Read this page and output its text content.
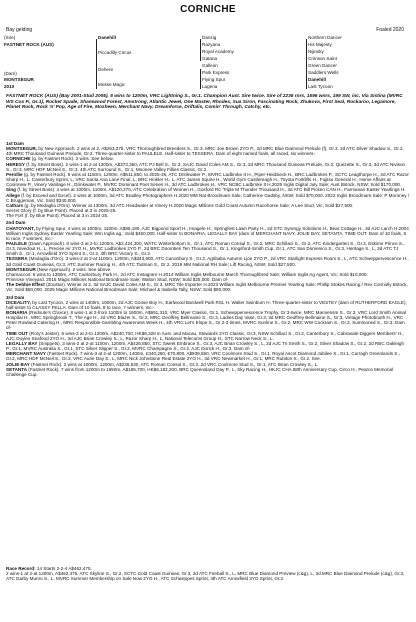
CORNICHE
Bay gelding	Foaled 2020
(Sire)
FASTNET ROCK (AUS)
(Dam)
MONTSEGUR
2010
Danehill
Piccadilly Circus
Dehere
Mosse Magic
Danzig
Razyana
Royal Academy
Gatana
Galleon
Park Express
Flying Spur
Lagena
Northern Dancer
His Majesty
Nijinsky
Crimson Saint
Green Dancer
Saddlers Wells
Danehill
Last Tycoon
FASTNET ROCK (AUS) (Bay 2001-Stud 2005). 6 wins to 1200m, VRC Lightning S., Gr.1. Champion Aust. Sire twice. Sire of 2236 rnrs, 1596 wnrs, 199 SW, inc. Via Sistina (MVRC WS Cox P., Gr.1), Rocket Spade, Shamwood Forest, Amstrong, Atlantic Jewel, One Master, Rhodes, Sua Siron, Fascinating Rock, Zhukova, First Seal, Rockaroo, Legamore, Planet Rock, Rock 'n' Pop, Age of Fire, Mosheen, Merchant Navy, Dreamforce, Driftalis, Comin' Through, Catchy, etc.
1st Dam
MONTSEGUR, by New Approach. 2 wins at 2, A$263,375, VRC Thoroughbred Breeders S., Gr.3, MRC Joe Brown 2YO P., 2d MRC Blue Diamond Prelude (f), Gr.3, 3d ATC Silver Shadow S., Gr.2, 4th MRC Thousand Guineas Prelude, Gr.2. Three-quarter-sister to PAULELE. Half-sister to TESSERA. Dam of eight named foals, all raced, six winners-
CORNICHE (g. by Fastnet Rock). 2 wins. See below.
HERESY (f. by Street Boss). 2 wins-1 at 2-at 1200m, A$373,350, ATC PJ Bell S., Gr.3, SAJC David Coles AM S., Gr.3, 2d MRC Thousand Guineas Prelude, Gr.2, Quezette S., Gr.3, 3d ATC Nivison S., Gr.3, MRC HDF McNeil S., Gr.3, 4th ATC Surround S., Gr.1, Moonee Valley Fillies Classic, Gr.2.
Perollie (g. by Fastnet Rock). 5 wins at 1150m, 1200m, A$611,850, to 2025-26, ATC Drinkwater P., MVRC Ladbroke It H., Piper-Heidsieck H., BRC Ladbrokes P., SCTC Leagthorpe H., 2d ATC Razor Sharp H., L, Canterbury Sprint, L, VRC Santa Ana Lane Final, L, BRC Hinkler H., L, ATC James Squire H., World Gym Castlereagh H., Toyota Forklifts H., Fujitsu General H., Home Affairs at Cooinnew P., Vinery Vanilage H., Drinkwater P., MVRC Dominant Poet Series H., 3d ATC Ladbrokes H., VRC NCBC Ladbroke It H.2025 Inglis Digital July Sale; Aust Bstock, NSW; Sold $170,000.
Sing (f. by Street Boss). 4 wins at 1000m, 1100m, A$120,270, ATC Celebration of Women H., Gosford RC Triple M Thunder Thousand H., 3d ATC Bill Picken CAN H., Farmanan Easter Yearlings H.
Allege (f. by Exceed and Excel). 2 wins at 1000m, 3d ATC Bradley Photographers H.2020 MM Nat Broodmare Sale; Catherine Gadsby, NSW; Sold $70,000. 2022 Inglis Broodmare Sale; P Moroney / C Bruggeman, Vic; Sold $340,000.
Cathars (g. by Medaglia d'Oro). Winner at 1300m, 3d ATC Headwater at Vinery H.2020 Magic Millions Gold Coast Autumn Racehorse Sale; A Lee Stud, Vic; Sold $27,500.
Secret Glory (f. by Blue Point). Placed at 3 in 2025-26.
The Fort (f. by Blue Point). Placed at 3 in 2024-25.
2nd Dam
CHATOYANT, by Flying Spur. 4 wins at 1000m, 1100m, A$86,180, AJC Bigpond Sport H., Imagele H., Springfest Lawn Party H., 2d STC Synergy Solutions H., Bear Cottage H., 3d AJC Larch H.2004 William Inglis Sydney Easter Yearling Sale; Wm Inglis ag.; Sold $450,000. Half-sister to BONARIA, LEGALLY BAY (dam of MERCHANT NAVY, JOLIE BAY, SETANTA, TIME OUT. Dam of 10 foals, 8 to race, 7 winners, inc:-
PAULELE (Dawn Approach). 8 wins-3 at 2-to 1200m, A$2,424,300, WATC Winterbottom S., Gr.1, ATC Roman Consul S., Gr.2, MRC Schillaci S., Gr.2, ATC Kindergarten S., Gr.3, Eskimo Prince S., Gr.3, Nivedout H., L, Precise Air 2YO H., MVRC Ladbrokes 2YO P., 2d BRC Doomben Ten Thousand S., Gr.1, Kingsford-Smith Cup, Gr.1, ATC San Domenico S., Gr.3, Heritage S., L, 3d ATC TJ Smith S., Gr.1, Arrowfield 3YO Sprint S., Gr.2, 4th BRC Victory S., Gr.2.
TESSERA (Medaglia d'Oro). 3 wins-2 at 2-at 1100m, 1200m, A$343,600, ATC Canonbury S., Gr.3, Agribaba Autumn Ljon 2YO P., 2d VRC Starlight Express Room S., L, ATC Schweppervescence H., 3d Gold Coast Guineas, Gr.3, ATC Summer Racing H., 4th ATC Todman S., Gr.2. 2019 MM National RH Sale; Lift Racing, NSW; Sold $27,500.
MONTSEGUR (New Approach). 2 wins. See above.
Chamaccos. 5 wins to 1350m, ATC Canterbury Park H., 2d ATC Instagram H.2014 William Inglis Melbourne March Thoroughbred Sale; William Inglis Ag Agent, Vic; Sold $10,000.
Primrose Vineyard. 2015 Magic Millions National Broodmare Sale; Walton Stud, NSW; Sold $25,000. Dam of-
The Debbie Effect (Zoustar). Winner at 2, 3d SAJC David Coles AM S., Gr.3, MRC Tile Importer H.2023 William Inglis Melbourne Premier Yearling Sale; Phillip Stokes Racing / Rex Connolly Bstock, Vic; Sold $50,000. 2025 Magic Millions National Broodmare Sale; Michael & Isabella Tally, NSW; Sold $80,000.
3rd Dam
DICEALITY, by Last Tycoon. 2 wins at 1400m, 1600m, 2d AJC Goose Boy H., Earlwood Bardwell Park RSL H. Walter Swinburn H. Three-quarter-sister to VESTEY (dam of RUTHERFORD EAGLE), half-sister to CLASSY FELLA. Dam of 10 foals, 8 to race, 7 winners, inc:-
BONARIA (Redoute's Choice). 8 wins-1 at 2-from 1100m to 1600m, A$951,310, VRC Myer Classic, Gr.1, Schweppervescence Trophy, Gr.3-twice, MRC Mannerism S., Gr.3, VRC Lord Smith Animal Hospital H., MRC Springbrook T., The Age H., 2d VRC Blazer S., Gr.2, MRC Geoffrey Bellmaine S., Gr.3, Ladies Day Vase, Gr.3, 3d MRC Geoffrey Bellmaine S., Gr.3, Vintage Photobooth H., VRC Peter Rowland Catering H., MRC Responsible Gambling Awareness Week H., 4th VRC Let's Elope S., Gr.2-3 times, MVRC Sunline S., Gr.2, MRC WW Cockram S., Gr.3, Summoned S., Gr.3. Dam of-
TIME OUT (Rory's Jester). 6 wins-3 at 2-to 1200m, A$240,700, HK$9,320 in Aust. and Macau, Stewards 2YO Classic, Gr.3, NSW Schillaci S., Gr.2, Canterbury S., Cabravale Diggers Members' H., AJC Ouyles Seafood 2YO H., 3d AJC Brian Crowley S., L, Razor Sharp H., L, National Telecoms Group H., STC Narrow Neck S., L.
LEGALLY BAY (Snippets). 3 wins-2 at 2-at 1100m, 1200m, A$426,850, STC Sweet Embrace S., Gr.3, AJC Brian Crowley S., L, 2d AJC Tri Smith S., Gr.2, Silver Shadow S., Gr.2, 3d RBC Oakleigh P., Gr.1, MVRC Australia S., Gr.1, STC Silver Slipper S., Gr.2, MVRC Champagne S., Gr.2, AJC Dorick H., Gr.3. Dam of-
MERCHANT NAVY (Fastnet Rock). 7 wins-3 at 2-at 1200m, 1400m, £340,260, €70,800, A$939,550, VRC Coolmore Stud S., Gr.1, Royal Ascot Diamond Jubilee S., Gr.1, Curragh Greenlands S., Gr.2, MRC HDF McNeil S., Gr.3, VRC Aurie Day S., L, MRC Nick Johnstone Real Estate 2YO H., 3d VRC Newmarket H., Gr.1, MRC Rubiton S., Gr.2. Sire.
JOLIE BAY (Fastnet Rock). 2 wins at 1000m, 1200m, A$236,530, ATC Roman Consul S., Gr.2, 2d VRC Coolmore Stud S., Gr.1, ATC Brian Crowley S., L.
SETANTA (Fastnet Rock). 7 wins from 1200m to 1650m, A$185,700, HK$6,182,200, BRC Queensland Day P., L, Sky Racing H., HKJC CHA 88th Anniversary Cup, Circo H., Pearce Memorial Challenge Cup.
Race Record: 14 Starts 2-2-4 A$462,475.
2 wins-1 at 2-at 1200m, A$462,475, ATC Skyline S., Gr.2, SCTC Gold Coast Guineas, Gr.3, 2d ATC Fireball S., L, MRC Blue Diamond Preview (c&g), L, 3d MRC Blue Diamond Prelude (c&g), Gr.3, ATC Darby Munro S., L, MVRC Summer Membership on Sale Now 2YO H., ATC Schweppes Sprint, 4th ATC Arrowfield 3YO Sprint, Gr.2.
